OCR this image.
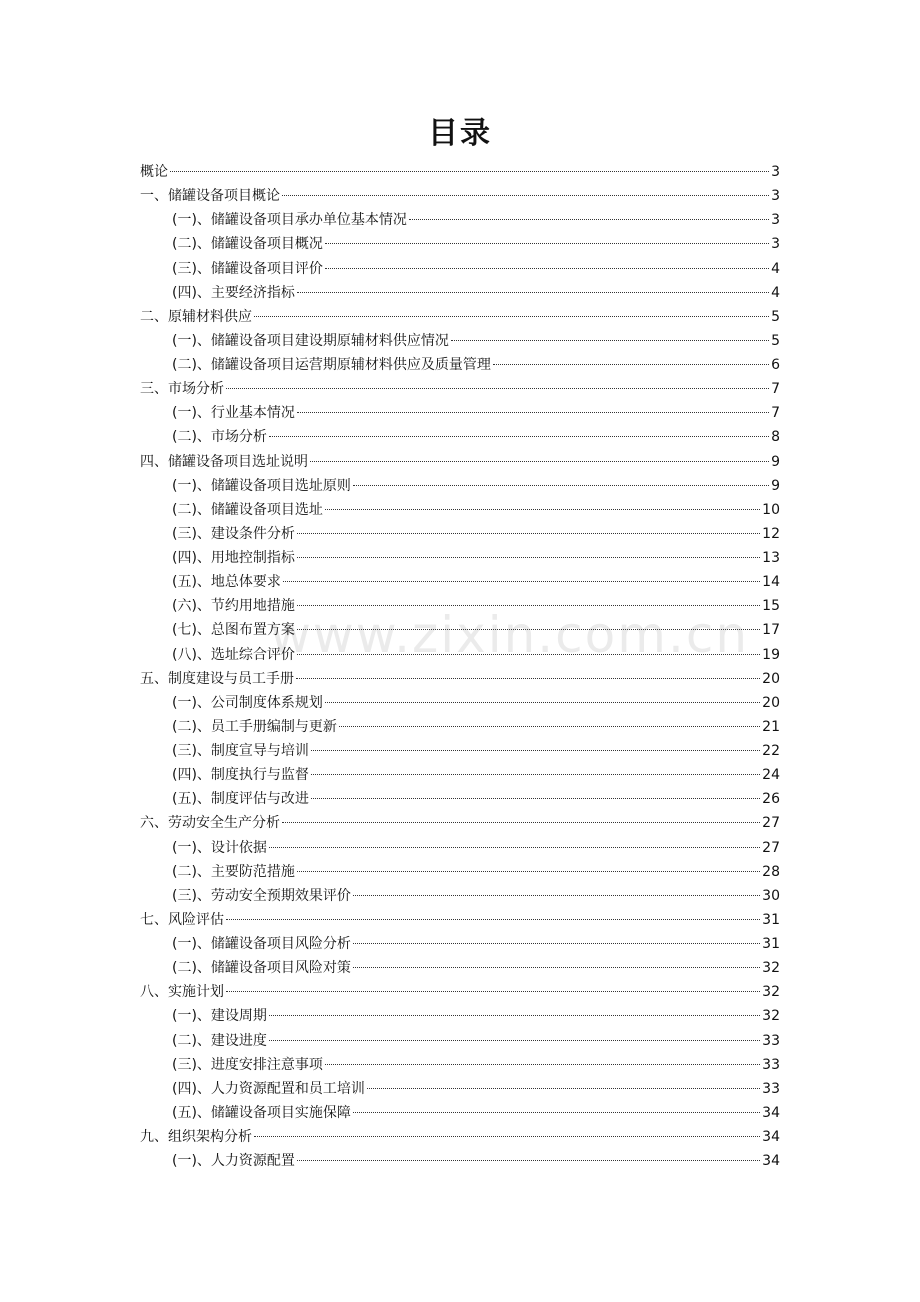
目录
概论	3
一、储罐设备项目概论	3
(一)、储罐设备项目承办单位基本情况	3
(二)、储罐设备项目概况	3
(三)、储罐设备项目评价	4
(四)、主要经济指标	4
二、原辅材料供应	5
(一)、储罐设备项目建设期原辅材料供应情况	5
(二)、储罐设备项目运营期原辅材料供应及质量管理	6
三、市场分析	7
(一)、行业基本情况	7
(二)、市场分析	8
四、储罐设备项目选址说明	9
(一)、储罐设备项目选址原则	9
(二)、储罐设备项目选址	10
(三)、建设条件分析	12
(四)、用地控制指标	13
(五)、地总体要求	14
(六)、节约用地措施	15
(七)、总图布置方案	17
(八)、选址综合评价	19
五、制度建设与员工手册	20
(一)、公司制度体系规划	20
(二)、员工手册编制与更新	21
(三)、制度宣导与培训	22
(四)、制度执行与监督	24
(五)、制度评估与改进	26
六、劳动安全生产分析	27
(一)、设计依据	27
(二)、主要防范措施	28
(三)、劳动安全预期效果评价	30
七、风险评估	31
(一)、储罐设备项目风险分析	31
(二)、储罐设备项目风险对策	32
八、实施计划	32
(一)、建设周期	32
(二)、建设进度	33
(三)、进度安排注意事项	33
(四)、人力资源配置和员工培训	33
(五)、储罐设备项目实施保障	34
九、组织架构分析	34
(一)、人力资源配置	34
www.zixin.com.cn
